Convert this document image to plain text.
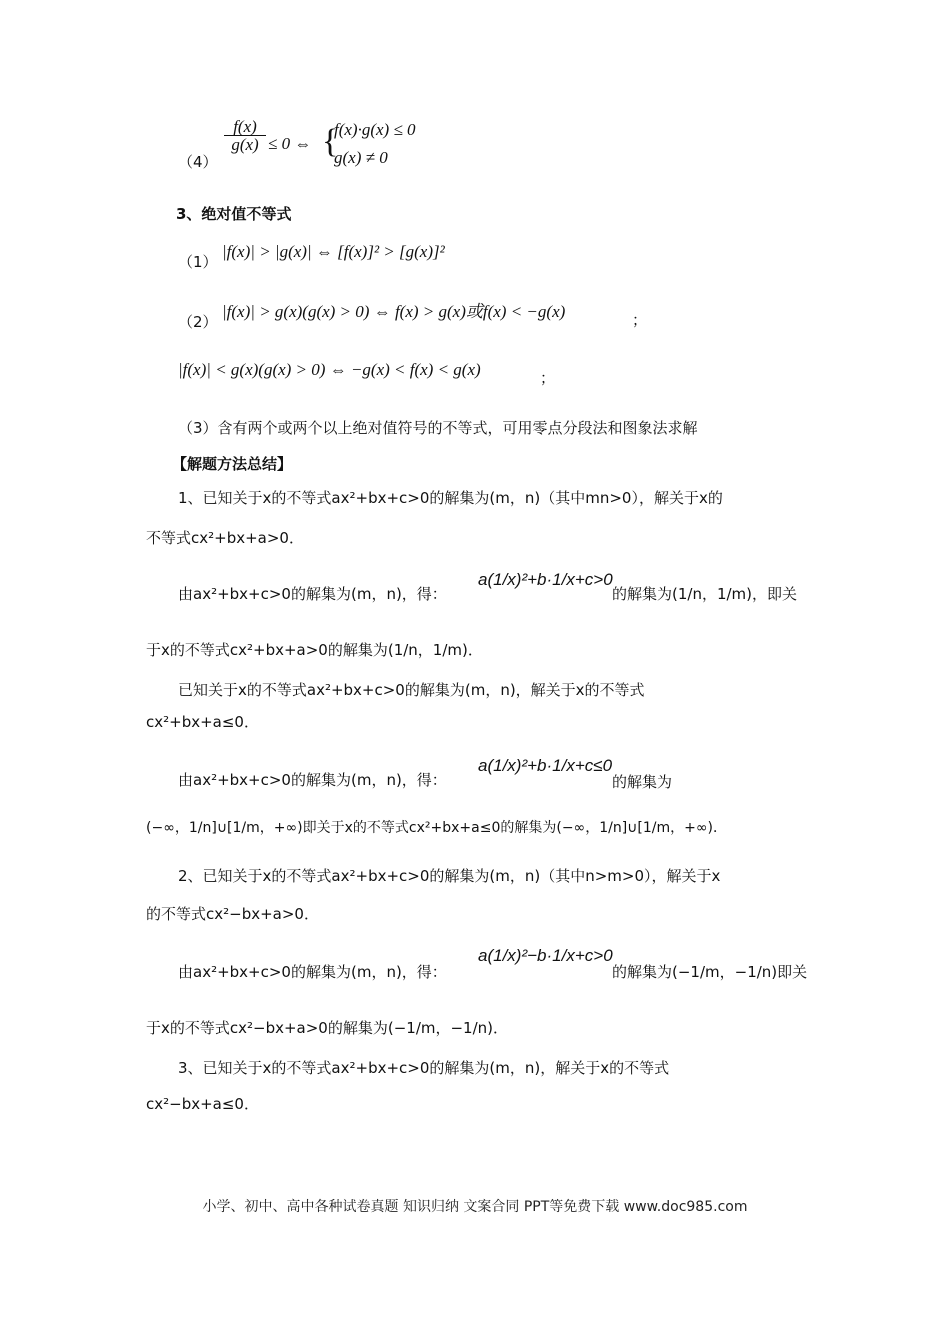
（4）
$\frac{f(x)}{g(x)} \le 0$ ⇔ {
f(x)·g(x) ≤ 0
g(x) ≠ 0
3、绝对值不等式
（1）
|f(x)| > |g(x)| ⇔ [f(x)]² > [g(x)]²
（2）
|f(x)| > g(x)(g(x) > 0) ⇔ f(x) > g(x)或f(x) < −g(x)	；
|f(x)| < g(x)(g(x) > 0) ⇔ −g(x) < f(x) < g(x)	；
（3）含有两个或两个以上绝对值符号的不等式，可用零点分段法和图象法求解
【解题方法总结】
1、已知关于x的不等式ax²+bx+c>0的解集为(m，n)（其中mn>0），解关于x的
不等式cx²+bx+a>0．
由ax²+bx+c>0的解集为(m，n)，得：
a(1/x)²+b·1/x+c>0
的解集为(1/n，1/m)，即关
于x的不等式cx²+bx+a>0的解集为(1/n，1/m)．
已知关于x的不等式ax²+bx+c>0的解集为(m，n)，解关于x的不等式
cx²+bx+a≤0．
由ax²+bx+c>0的解集为(m，n)，得：
a(1/x)²+b·1/x+c≤0
的解集为
(−∞，1/n]∪[1/m，+∞)即关于x的不等式cx²+bx+a≤0的解集为(−∞，1/n]∪[1/m，+∞)．
2、已知关于x的不等式ax²+bx+c>0的解集为(m，n)（其中n>m>0），解关于x
的不等式cx²−bx+a>0．
由ax²+bx+c>0的解集为(m，n)，得：
a(1/x)²−b·1/x+c>0
的解集为(−1/m，−1/n)即关
于x的不等式cx²−bx+a>0的解集为(−1/m，−1/n)．
3、已知关于x的不等式ax²+bx+c>0的解集为(m，n)，解关于x的不等式
cx²−bx+a≤0．
小学、初中、高中各种试卷真题 知识归纳 文案合同 PPT等免费下载 www.doc985.com
